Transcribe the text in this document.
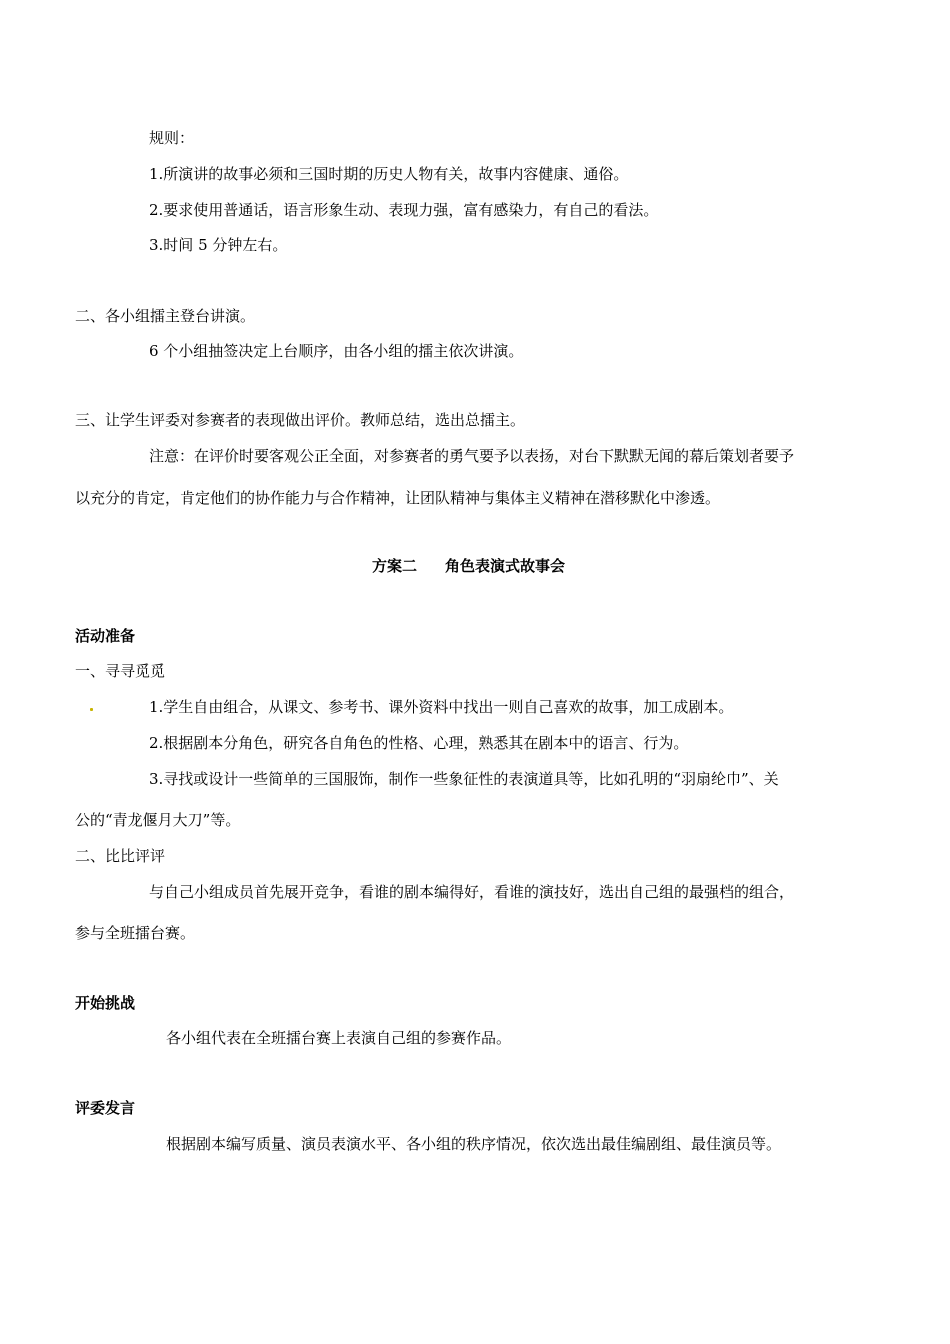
规则：
1.所演讲的故事必须和三国时期的历史人物有关，故事内容健康、通俗。
2.要求使用普通话，语言形象生动、表现力强，富有感染力，有自己的看法。
3.时间 5 分钟左右。
二、各小组擂主登台讲演。
6 个小组抽签决定上台顺序，由各小组的擂主依次讲演。
三、让学生评委对参赛者的表现做出评价。教师总结，选出总擂主。
注意：在评价时要客观公正全面，对参赛者的勇气要予以表扬，对台下默默无闻的幕后策划者要予
以充分的肯定，肯定他们的协作能力与合作精神，让团队精神与集体主义精神在潜移默化中渗透。
方案二 角色表演式故事会
活动准备
一、寻寻觅觅
1.学生自由组合，从课文、参考书、课外资料中找出一则自己喜欢的故事，加工成剧本。
2.根据剧本分角色，研究各自角色的性格、心理，熟悉其在剧本中的语言、行为。
3.寻找或设计一些简单的三国服饰，制作一些象征性的表演道具等，比如孔明的“羽扇纶巾”、关
公的“青龙偃月大刀”等。
二、比比评评
与自己小组成员首先展开竞争，看谁的剧本编得好，看谁的演技好，选出自己组的最强档的组合，
参与全班擂台赛。
开始挑战
各小组代表在全班擂台赛上表演自己组的参赛作品。
评委发言
根据剧本编写质量、演员表演水平、各小组的秩序情况，依次选出最佳编剧组、最佳演员等。
